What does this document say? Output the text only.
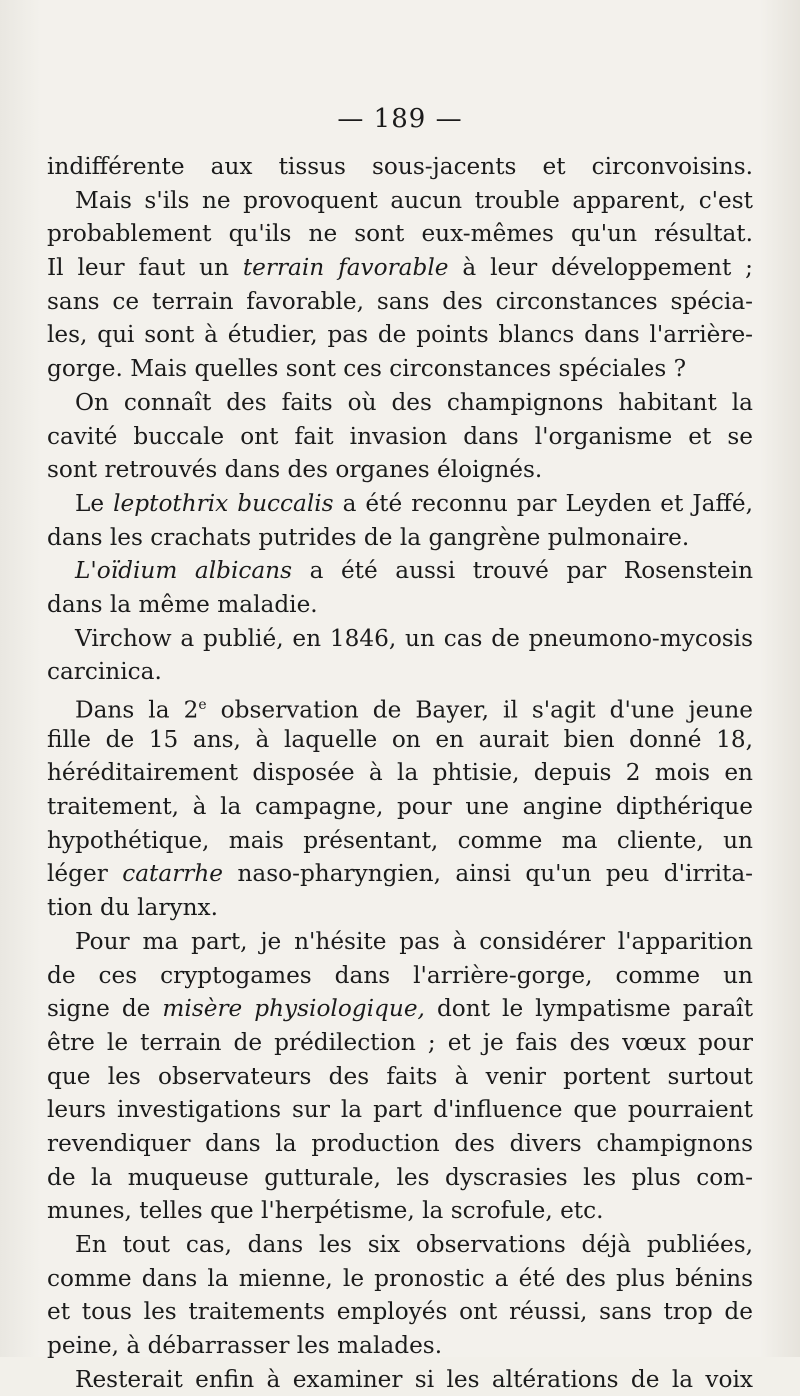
— 189 —
indifférente aux tissus sous-jacents et circonvoisins.
Mais s'ils ne provoquent aucun trouble apparent, c'est
probablement qu'ils ne sont eux-mêmes qu'un résultat.
Il leur faut un terrain favorable à leur développement ;
sans ce terrain favorable, sans des circonstances spécia-
les, qui sont à étudier, pas de points blancs dans l'arrière-
gorge. Mais quelles sont ces circonstances spéciales ?
On connaît des faits où des champignons habitant la
cavité buccale ont fait invasion dans l'organisme et se
sont retrouvés dans des organes éloignés.
Le leptothrix buccalis a été reconnu par Leyden et Jaffé,
dans les crachats putrides de la gangrène pulmonaire.
L'oïdium albicans a été aussi trouvé par Rosenstein
dans la même maladie.
Virchow a publié, en 1846, un cas de pneumono-mycosis
carcinica.
Dans la 2e observation de Bayer, il s'agit d'une jeune
fille de 15 ans, à laquelle on en aurait bien donné 18,
héréditairement disposée à la phtisie, depuis 2 mois en
traitement, à la campagne, pour une angine dipthérique
hypothétique, mais présentant, comme ma cliente, un
léger catarrhe naso-pharyngien, ainsi qu'un peu d'irrita-
tion du larynx.
Pour ma part, je n'hésite pas à considérer l'apparition
de ces cryptogames dans l'arrière-gorge, comme un
signe de misère physiologique, dont le lympatisme paraît
être le terrain de prédilection ; et je fais des vœux pour
que les observateurs des faits à venir portent surtout
leurs investigations sur la part d'influence que pourraient
revendiquer dans la production des divers champignons
de la muqueuse gutturale, les dyscrasies les plus com-
munes, telles que l'herpétisme, la scrofule, etc.
En tout cas, dans les six observations déjà publiées,
comme dans la mienne, le pronostic a été des plus bénins
et tous les traitements employés ont réussi, sans trop de
peine, à débarrasser les malades.
Resterait enfin à examiner si les altérations de la voix
